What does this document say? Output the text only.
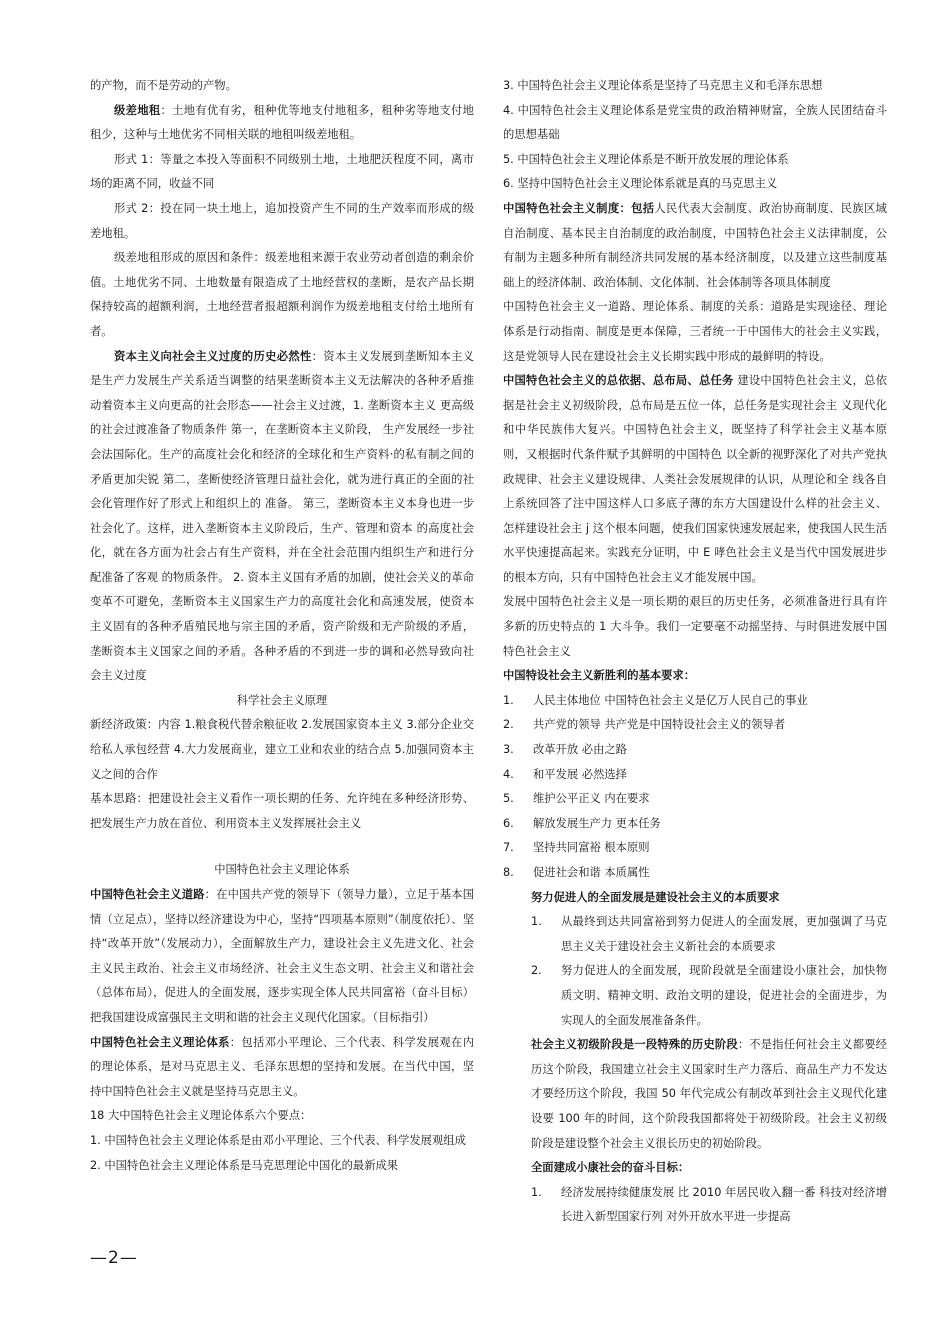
的产物，而不是劳动的产物。

级差地租：土地有优有劣，租种优等地支付地租多，租种劣等地支付地租少，这种与土地优劣不同相关联的地租叫级差地租。

形式 1：等量之本投入等面积不同级别土地，土地肥沃程度不同，离市场的距离不同，收益不同

形式 2：投在同一块土地上，追加投资产生不同的生产效率而形成的级差地租。

级差地租形成的原因和条件：级差地租来源于农业劳动者创造的剩余价值。土地优劣不同、土地数量有限造成了土地经营权的垄断，是农产品长期保持较高的超额利润，土地经营者报超额利润作为级差地租支付给土地所有者。

资本主义向社会主义过度的历史必然性：资本主义发展到垄断知本主义是生产力发展生产关系适当调整的结果垄断资本主义无法解决的各种矛盾推动着资本主义向更高的社会形态——社会主义过渡，1. 垄断资本主义 更高级的社会过渡准备了物质条件 第一，在垄断资本主义阶段， 生产发展经一步社会法国际化。生产的高度社会化和经济的全球化和生产资料·的私有制之间的矛盾更加尖锐 第二，垄断使经济管理日益社会化，就为进行真正的全面的社会化管理作好了形式上和组织上的 准备。 第三，垄断资本主义本身也进一步社会化了。这样，进入垄断资本主义阶段后，生产、管理和资本 的高度社会化，就在各方面为社会占有生产资料，并在全社会范围内组织生产和进行分配准备了客观 的物质条件。 2. 资本主义国有矛盾的加剧，使社会关义的革命变革不可避免，垄断资本主义国家生产力的高度社会化和高速发展，使资本主义固有的各种矛盾殖民地与宗主国的矛盾，资产阶级和无产阶级的矛盾，垄断资本主义国家之间的矛盾。各种矛盾的不到进一步的调和必然导致向社会主义过度

科学社会主义原理

新经济政策：内容 1.粮食税代替余粮征收 2.发展国家资本主义 3.部分企业交给私人承包经营 4.大力发展商业，建立工业和农业的结合点 5.加强同资本主义之间的合作

基本思路：把建设社会主义看作一项长期的任务、允许纯在多种经济形势、把发展生产力放在首位、利用资本主义发挥展社会主义

中国特色社会主义理论体系

中国特色社会主义道路：在中国共产党的领导下（领导力量），立足于基本国情（立足点），坚持以经济建设为中心，坚持“四项基本原则”（制度依托）、坚持“改革开放”（发展动力），全面解放生产力，建设社会主义先进文化、社会主义民主政治、社会主义市场经济、社会主义生态文明、社会主义和谐社会（总体布局），促进人的全面发展，逐步实现全体人民共同富裕（奋斗目标）把我国建设成富强民主文明和谐的社会主义现代化国家。（目标指引）

中国特色社会主义理论体系：包括邓小平理论、三个代表、科学发展观在内的理论体系，是对马克思主义、毛泽东思想的坚持和发展。在当代中国，坚持中国特色社会主义就是坚持马克思主义。

18 大中国特色社会主义理论体系六个要点：

1. 中国特色社会主义理论体系是由邓小平理论、三个代表、科学发展观组成

2. 中国特色社会主义理论体系是马克思理论中国化的最新成果

3. 中国特色社会主义理论体系是坚持了马克思主义和毛泽东思想

4. 中国特色社会主义理论体系是党宝贵的政治精神财富，全族人民团结奋斗的思想基础

5. 中国特色社会主义理论体系是不断开放发展的理论体系

6. 坚持中国特色社会主义理论体系就是真的马克思主义

中国特色社会主义制度：包括人民代表大会制度、政治协商制度、民族区域自治制度、基本民主自治制度的政治制度，中国特色社会主义法律制度，公有制为主题多种所有制经济共同发展的基本经济制度，以及建立这些制度基础上的经济体制、政治体制、文化体制、社会体制等各项具体制度

中国特色社会主义一道路、理论体系、制度的关系：道路是实现途径、理论体系是行动指南、制度是更本保障，三者统一于中国伟大的社会主义实践，这是党领导人民在建设社会主义长期实践中形成的最鲜明的特设。

中国特色社会主义的总依据、总布局、总任务 建设中国特色社会主义，总依据是社会主义初级阶段，总布局是五位一体，总任务是实现社会主 义现代化和中华民族伟大复兴。中国特色社会主义，既坚持了科学社会主义基本原则，又根据时代条件赋予其鲜明的中国特色 以全新的视野深化了对共产党执政规律、社会主义建设规律、人类社会发展规律的认识，从理论和全 线各自上系统回答了注中国这样人口多底子薄的东方大国建设什么样的社会主义、怎样建设社会主 j 这个根本问题，使我们国家快速发展起来，使我国人民生活水平快速提高起来。实践充分证明，中 E 哮色社会主义是当代中国发展进步的根本方向，只有中国特色社会主义才能发展中国。

发展中国特色社会主义是一项长期的艰巨的历史任务，必须准备进行具有许多新的历史特点的 1 大斗争。我们一定要毫不动摇坚持、与时俱进发展中国特色社会主义

中国特设社会主义新胜利的基本要求：

1.	人民主体地位 中国特色社会主义是亿万人民自己的事业
2.	共产党的领导 共产党是中国特设社会主义的领导者
3.	改革开放 必由之路
4.	和平发展 必然选择
5.	维护公平正义 内在要求
6.	解放发展生产力 更本任务
7.	坚持共同富裕 根本原则
8.	促进社会和谐 本质属性

努力促进人的全面发展是建设社会主义的本质要求

1.	从最终到达共同富裕到努力促进人的全面发展，更加强调了马克思主义关于建设社会主义新社会的本质要求
2.	努力促进人的全面发展，现阶段就是全面建设小康社会，加快物质文明、精神文明、政治文明的建设，促进社会的全面进步，为实现人的全面发展准备条件。

社会主义初级阶段是一段特殊的历史阶段：不是指任何社会主义都要经历这个阶段，我国建立社会主义国家时生产力落后、商品生产力不发达才要经历这个阶段，我国 50 年代完成公有制改革到社会主义现代化建设要 100 年的时间，这个阶段我国都将处于初级阶段。社会主义初级阶段是建设整个社会主义很长历史的初始阶段。

全面建成小康社会的奋斗目标：

1.	经济发展持续健康发展 比 2010 年居民收入翻一番 科技对经济增长进入新型国家行列 对外开放水平进一步提高
—2—
